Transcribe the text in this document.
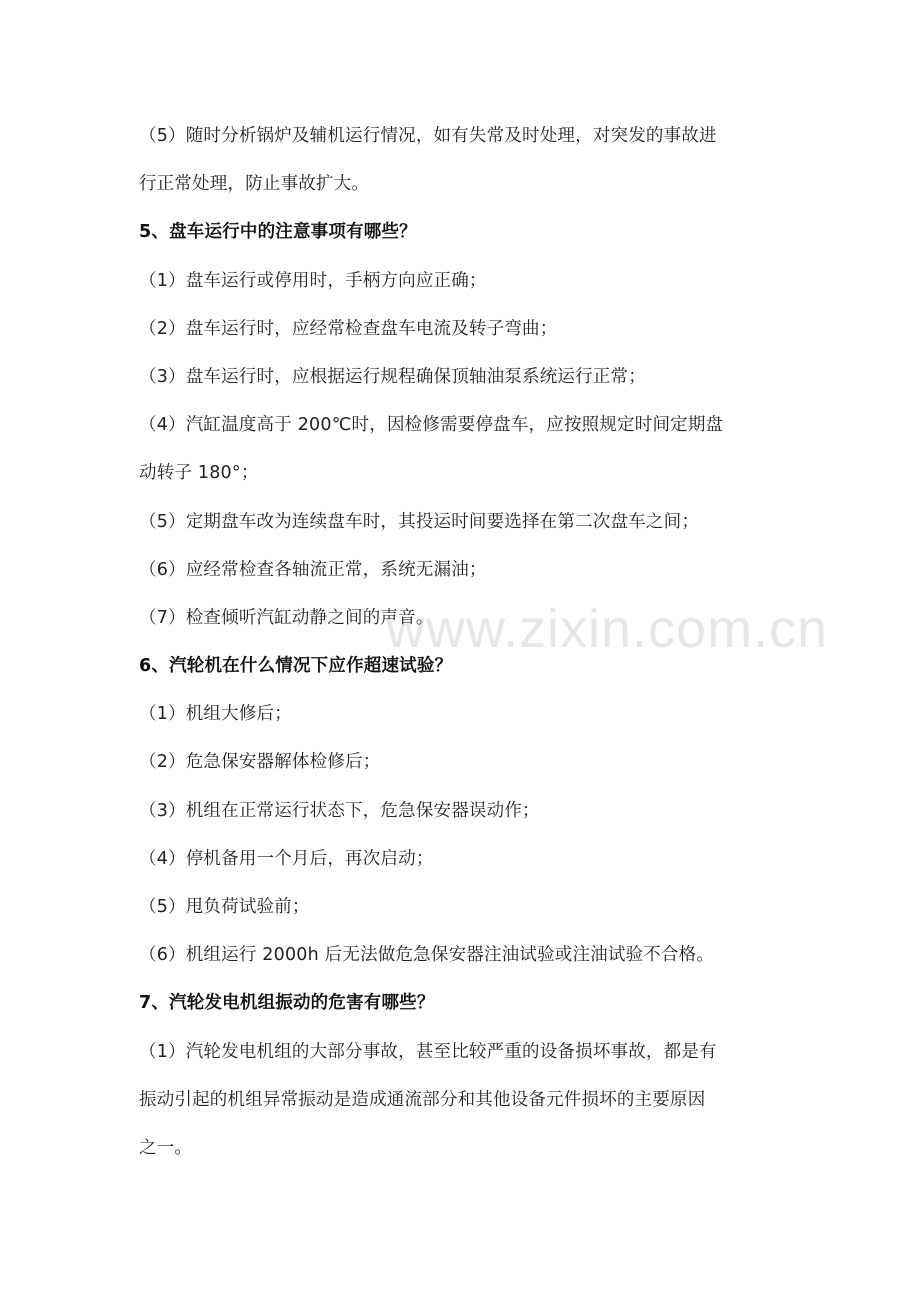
www.zixin.com.cn
（5）随时分析锅炉及辅机运行情况，如有失常及时处理，对突发的事故进
行正常处理，防止事故扩大。
5、盘车运行中的注意事项有哪些？
（1）盘车运行或停用时，手柄方向应正确；
（2）盘车运行时，应经常检查盘车电流及转子弯曲；
（3）盘车运行时，应根据运行规程确保顶轴油泵系统运行正常；
（4）汽缸温度高于 200℃时，因检修需要停盘车，应按照规定时间定期盘
动转子 180°；
（5）定期盘车改为连续盘车时，其投运时间要选择在第二次盘车之间；
（6）应经常检查各轴流正常，系统无漏油；
（7）检查倾听汽缸动静之间的声音。
6、汽轮机在什么情况下应作超速试验？
（1）机组大修后；
（2）危急保安器解体检修后；
（3）机组在正常运行状态下，危急保安器误动作；
（4）停机备用一个月后，再次启动；
（5）甩负荷试验前；
（6）机组运行 2000h 后无法做危急保安器注油试验或注油试验不合格。
7、汽轮发电机组振动的危害有哪些？
（1）汽轮发电机组的大部分事故，甚至比较严重的设备损坏事故，都是有
振动引起的机组异常振动是造成通流部分和其他设备元件损坏的主要原因
之一。
